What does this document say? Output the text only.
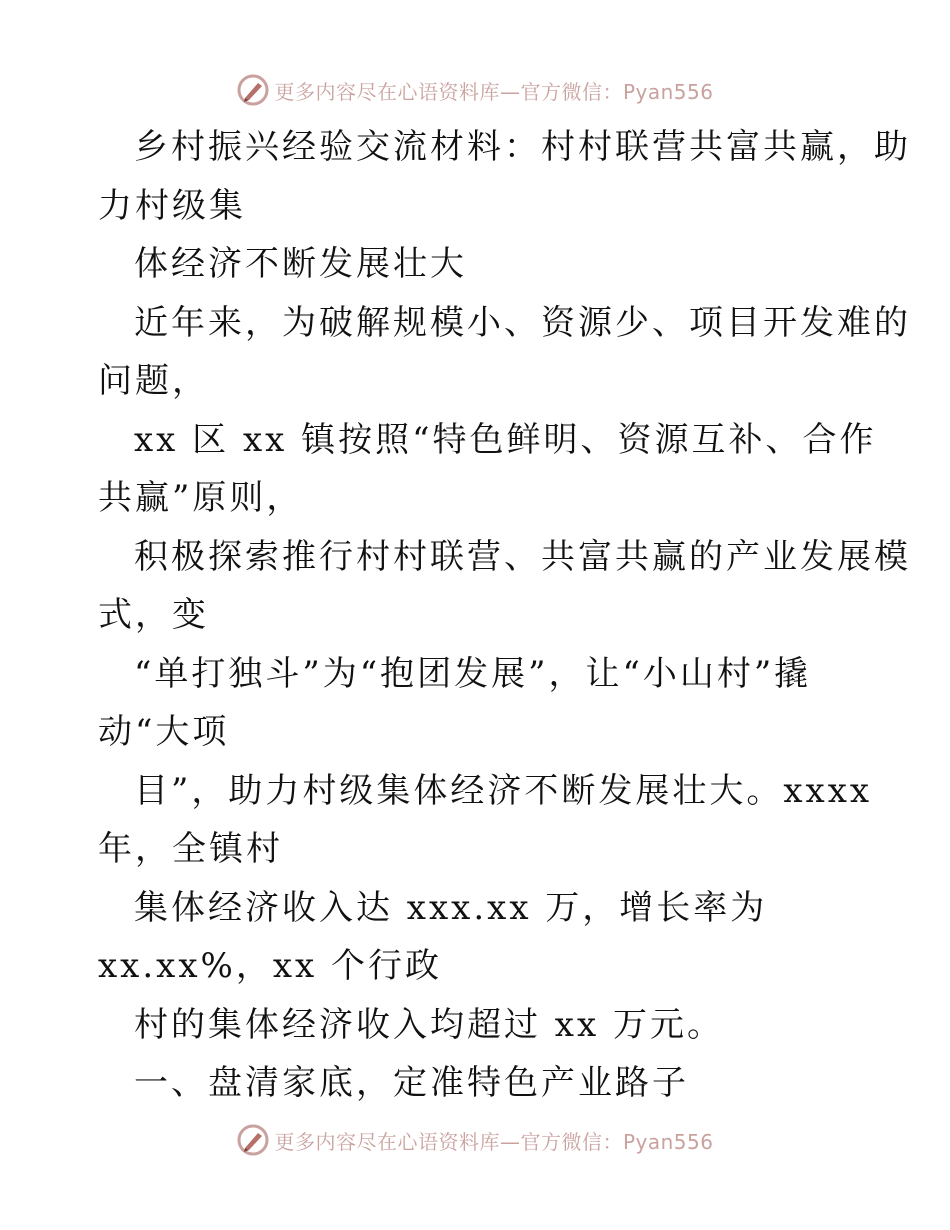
更多内容尽在心语资料库—官方微信：Pyan556
乡村振兴经验交流材料：村村联营共富共赢，助
力村级集
体经济不断发展壮大
近年来，为破解规模小、资源少、项目开发难的
问题，
xx 区 xx 镇按照“特色鲜明、资源互补、合作
共赢”原则，
积极探索推行村村联营、共富共赢的产业发展模
式，变
“单打独斗”为“抱团发展”，让“小山村”撬
动“大项
目”，助力村级集体经济不断发展壮大。xxxx
年，全镇村
集体经济收入达 xxx.xx 万，增长率为
xx.xx%，xx 个行政
村的集体经济收入均超过 xx 万元。
一、盘清家底，定准特色产业路子
更多内容尽在心语资料库—官方微信：Pyan556
